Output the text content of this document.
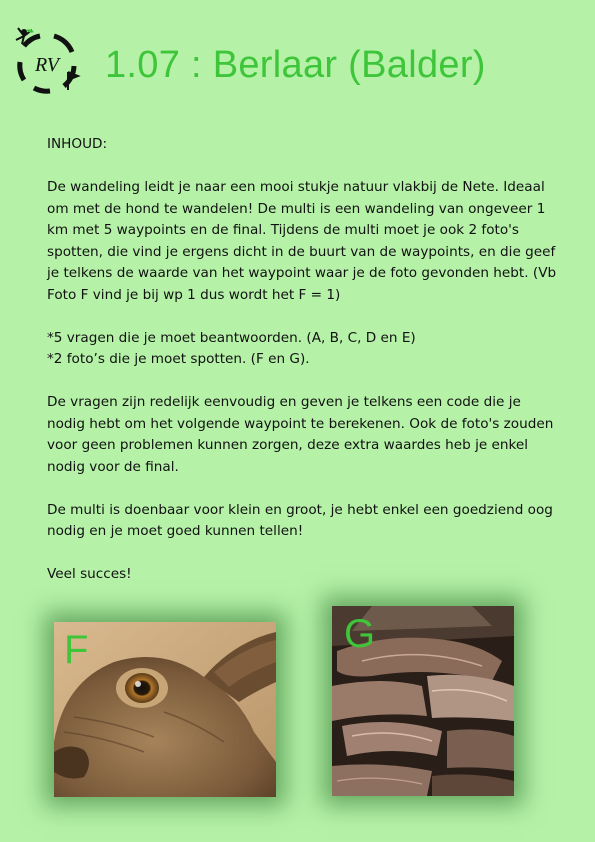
RV 1.07 : Berlaar (Balder)

INHOUD:

De wandeling leidt je naar een mooi stukje natuur vlakbij de Nete. Ideaal om met de hond te wandelen! De multi is een wandeling van ongeveer 1 km met 5 waypoints en de final. Tijdens de multi moet je ook 2 foto's spotten, die vind je ergens dicht in de buurt van de waypoints, en die geef je telkens de waarde van het waypoint waar je de foto gevonden hebt. (Vb Foto F vind je bij wp 1 dus wordt het F = 1)

*5 vragen die je moet beantwoorden. (A, B, C, D en E)
*2 foto’s die je moet spotten. (F en G).

De vragen zijn redelijk eenvoudig en geven je telkens een code die je nodig hebt om het volgende waypoint te berekenen. Ook de foto's zouden voor geen problemen kunnen zorgen, deze extra waardes heb je enkel nodig voor de final.

De multi is doenbaar voor klein en groot, je hebt enkel een goedziend oog nodig en je moet goed kunnen tellen!

Veel succes!

F	G
